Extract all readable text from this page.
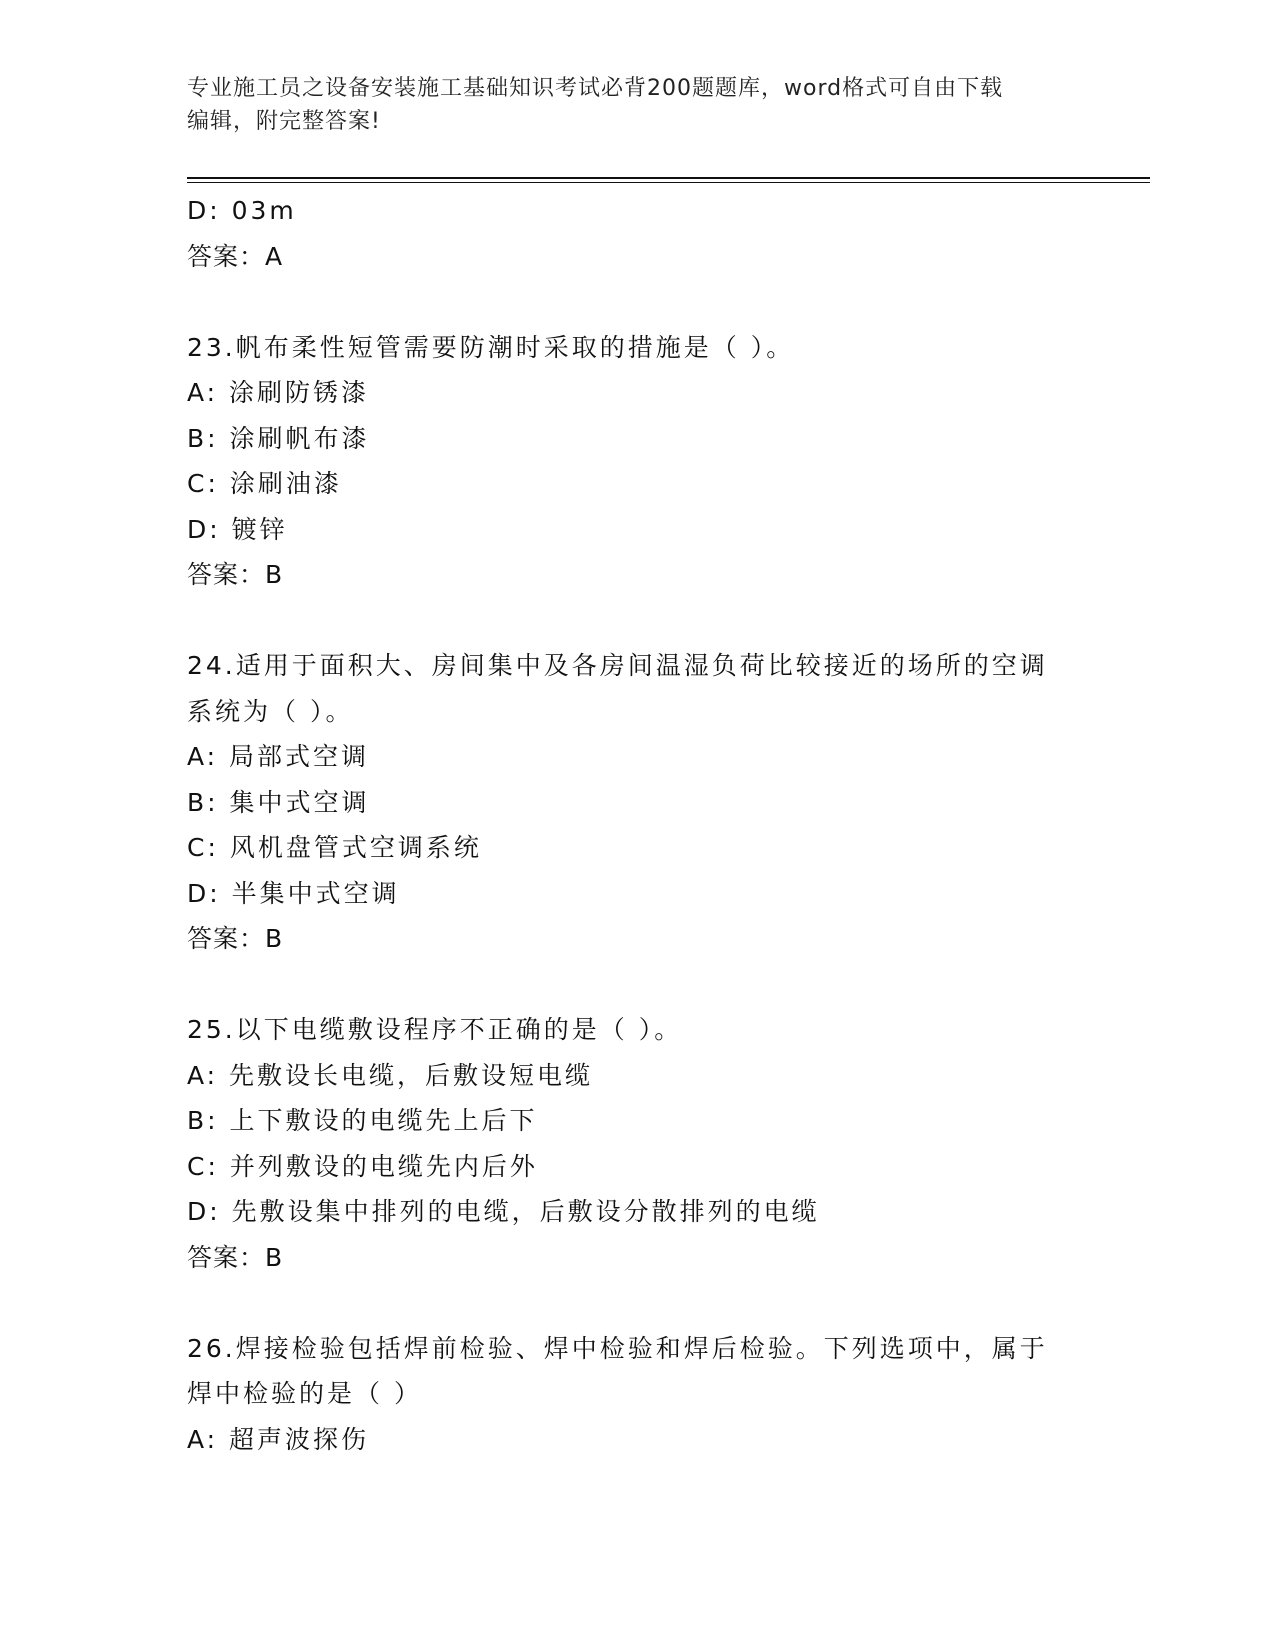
专业施工员之设备安装施工基础知识考试必背200题题库，word格式可自由下载
编辑，附完整答案!
D: 03m
答案：A
23.帆布柔性短管需要防潮时采取的措施是（ ）。
A: 涂刷防锈漆
B: 涂刷帆布漆
C: 涂刷油漆
D: 镀锌
答案：B
24.适用于面积大、房间集中及各房间温湿负荷比较接近的场所的空调
系统为（ ）。
A: 局部式空调
B: 集中式空调
C: 风机盘管式空调系统
D: 半集中式空调
答案：B
25.以下电缆敷设程序不正确的是（ ）。
A: 先敷设长电缆，后敷设短电缆
B: 上下敷设的电缆先上后下
C: 并列敷设的电缆先内后外
D: 先敷设集中排列的电缆，后敷设分散排列的电缆
答案：B
26.焊接检验包括焊前检验、焊中检验和焊后检验。下列选项中，属于
焊中检验的是（ ）
A: 超声波探伤
